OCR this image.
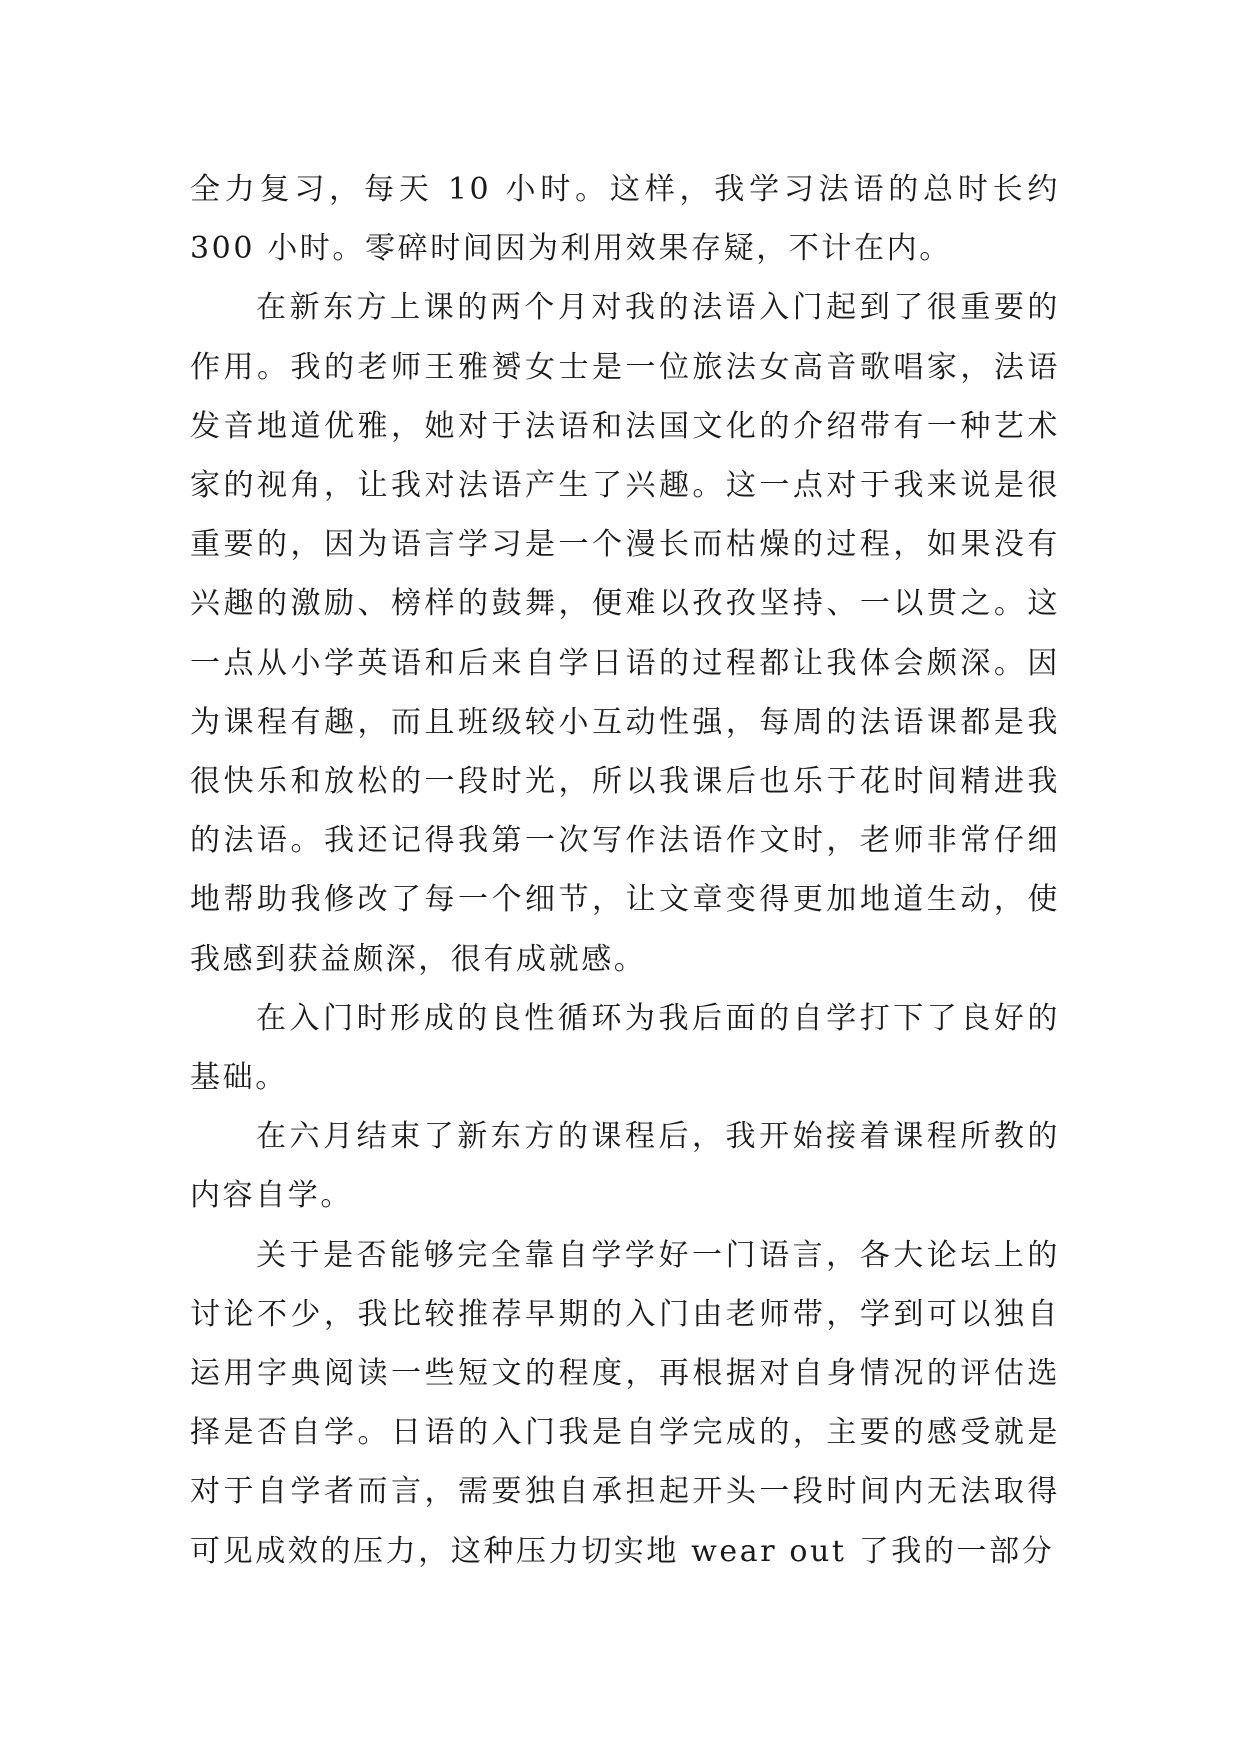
全力复习，每天 10 小时。这样，我学习法语的总时长约 300 小时。零碎时间因为利用效果存疑，不计在内。

在新东方上课的两个月对我的法语入门起到了很重要的作用。我的老师王雅赟女士是一位旅法女高音歌唱家，法语发音地道优雅，她对于法语和法国文化的介绍带有一种艺术家的视角，让我对法语产生了兴趣。这一点对于我来说是很重要的，因为语言学习是一个漫长而枯燥的过程，如果没有兴趣的激励、榜样的鼓舞，便难以孜孜坚持、一以贯之。这一点从小学英语和后来自学日语的过程都让我体会颇深。因为课程有趣，而且班级较小互动性强，每周的法语课都是我很快乐和放松的一段时光，所以我课后也乐于花时间精进我的法语。我还记得我第一次写作法语作文时，老师非常仔细地帮助我修改了每一个细节，让文章变得更加地道生动，使我感到获益颇深，很有成就感。

在入门时形成的良性循环为我后面的自学打下了良好的基础。

在六月结束了新东方的课程后，我开始接着课程所教的内容自学。

关于是否能够完全靠自学学好一门语言，各大论坛上的讨论不少，我比较推荐早期的入门由老师带，学到可以独自运用字典阅读一些短文的程度，再根据对自身情况的评估选择是否自学。日语的入门我是自学完成的，主要的感受就是对于自学者而言，需要独自承担起开头一段时间内无法取得可见成效的压力，这种压力切实地 wear out 了我的一部分
